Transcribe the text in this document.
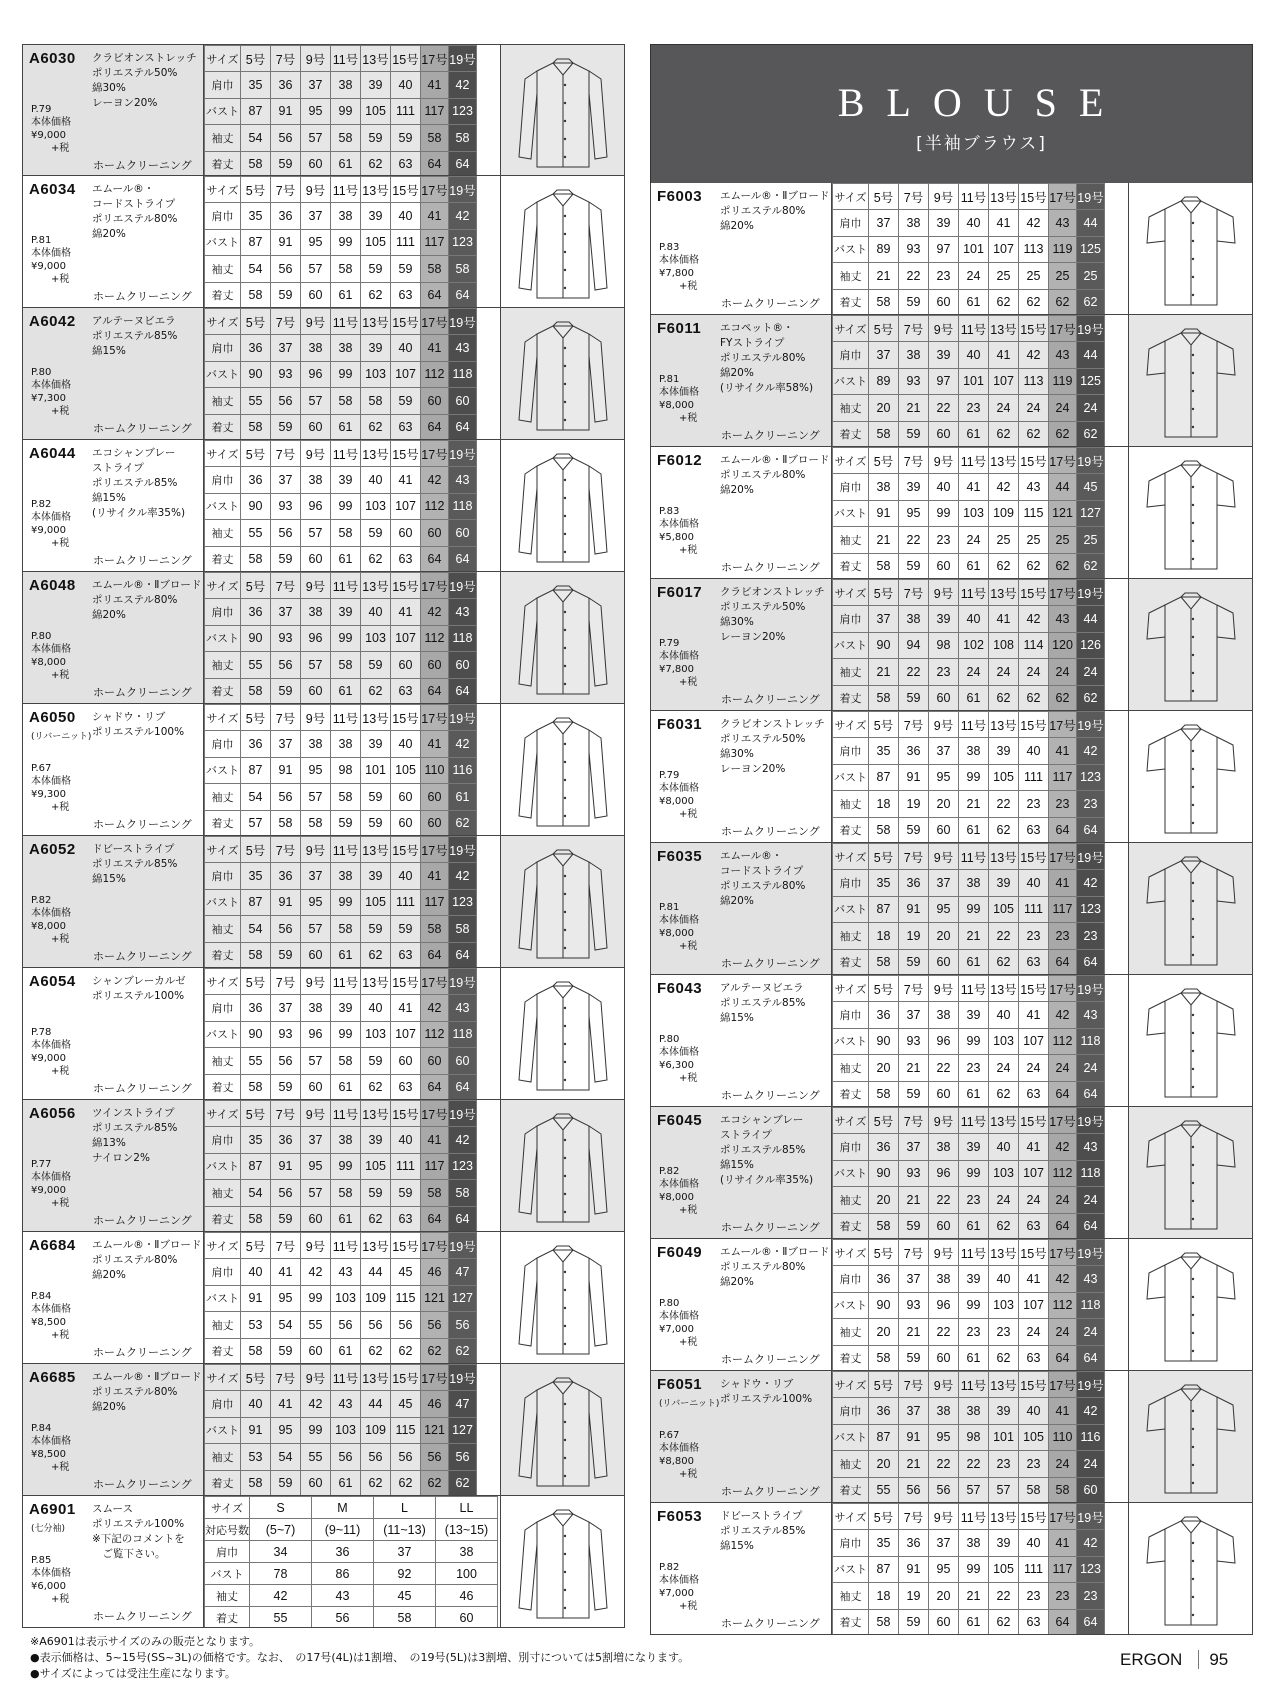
A6030 クラビオンストレッチ
ポリエステル50%
綿30%
レーヨン20%
P.79
本体価格
¥9,000
　　+税
ホームクリーニング
サイズ	5号	7号	9号	11号	13号	15号	17号	19号
肩巾	35	36	37	38	39	40	41	42
バスト	87	91	95	99	105	111	117	123
袖丈	54	56	57	58	59	59	58	58
着丈	58	59	60	61	62	63	64	64
A6034 エムール®・
コードストライプ
ポリエステル80%
綿20%
P.81
本体価格
¥9,000
　　+税
ホームクリーニング
サイズ	5号	7号	9号	11号	13号	15号	17号	19号
肩巾	35	36	37	38	39	40	41	42
バスト	87	91	95	99	105	111	117	123
袖丈	54	56	57	58	59	59	58	58
着丈	58	59	60	61	62	63	64	64
A6042 アルテーヌビエラ
ポリエステル85%
綿15%
P.80
本体価格
¥7,300
　　+税
ホームクリーニング
サイズ	5号	7号	9号	11号	13号	15号	17号	19号
肩巾	36	37	38	38	39	40	41	43
バスト	90	93	96	99	103	107	112	118
袖丈	55	56	57	58	58	59	60	60
着丈	58	59	60	61	62	63	64	64
A6044 エコシャンブレー
ストライプ
ポリエステル85%
綿15%
(リサイクル率35%)
P.82
本体価格
¥9,000
　　+税
ホームクリーニング
サイズ	5号	7号	9号	11号	13号	15号	17号	19号
肩巾	36	37	38	39	40	41	42	43
バスト	90	93	96	99	103	107	112	118
袖丈	55	56	57	58	59	60	60	60
着丈	58	59	60	61	62	63	64	64
A6048 エムール®・Ⅱブロード
ポリエステル80%
綿20%
P.80
本体価格
¥8,000
　　+税
ホームクリーニング
サイズ	5号	7号	9号	11号	13号	15号	17号	19号
肩巾	36	37	38	39	40	41	42	43
バスト	90	93	96	99	103	107	112	118
袖丈	55	56	57	58	59	60	60	60
着丈	58	59	60	61	62	63	64	64
A6050
(リバーニット)
シャドウ・リブ
ポリエステル100%
P.67
本体価格
¥9,300
　　+税
ホームクリーニング
サイズ	5号	7号	9号	11号	13号	15号	17号	19号
肩巾	36	37	38	38	39	40	41	42
バスト	87	91	95	98	101	105	110	116
袖丈	54	56	57	58	59	60	60	61
着丈	57	58	58	59	59	60	60	62
A6052 ドビーストライプ
ポリエステル85%
綿15%
P.82
本体価格
¥8,000
　　+税
ホームクリーニング
サイズ	5号	7号	9号	11号	13号	15号	17号	19号
肩巾	35	36	37	38	39	40	41	42
バスト	87	91	95	99	105	111	117	123
袖丈	54	56	57	58	59	59	58	58
着丈	58	59	60	61	62	63	64	64
A6054 シャンブレーカルゼ
ポリエステル100%
P.78
本体価格
¥9,000
　　+税
ホームクリーニング
サイズ	5号	7号	9号	11号	13号	15号	17号	19号
肩巾	36	37	38	39	40	41	42	43
バスト	90	93	96	99	103	107	112	118
袖丈	55	56	57	58	59	60	60	60
着丈	58	59	60	61	62	63	64	64
A6056 ツインストライプ
ポリエステル85%
綿13%
ナイロン2%
P.77
本体価格
¥9,000
　　+税
ホームクリーニング
サイズ	5号	7号	9号	11号	13号	15号	17号	19号
肩巾	35	36	37	38	39	40	41	42
バスト	87	91	95	99	105	111	117	123
袖丈	54	56	57	58	59	59	58	58
着丈	58	59	60	61	62	63	64	64
A6684 エムール®・Ⅱブロード
ポリエステル80%
綿20%
P.84
本体価格
¥8,500
　　+税
ホームクリーニング
サイズ	5号	7号	9号	11号	13号	15号	17号	19号
肩巾	40	41	42	43	44	45	46	47
バスト	91	95	99	103	109	115	121	127
袖丈	53	54	55	56	56	56	56	56
着丈	58	59	60	61	62	62	62	62
A6685 エムール®・Ⅱブロード
ポリエステル80%
綿20%
P.84
本体価格
¥8,500
　　+税
ホームクリーニング
サイズ	5号	7号	9号	11号	13号	15号	17号	19号
肩巾	40	41	42	43	44	45	46	47
バスト	91	95	99	103	109	115	121	127
袖丈	53	54	55	56	56	56	56	56
着丈	58	59	60	61	62	62	62	62
A6901
(七分袖)
スムース
ポリエステル100%
※下記のコメントを
　ご覧下さい。
P.85
本体価格
¥6,000
　　+税
ホームクリーニング
サイズ	S	M	L	LL
対応号数	(5~7)	(9~11)	(11~13)	(13~15)
肩巾	34	36	37	38
バスト	78	86	92	100
袖丈	42	43	45	46
着丈	55	56	58	60
BLOUSE
[半袖ブラウス]
F6003 エムール®・Ⅱブロード
ポリエステル80%
綿20%
P.83
本体価格
¥7,800
　　+税
ホームクリーニング
サイズ	5号	7号	9号	11号	13号	15号	17号	19号
肩巾	37	38	39	40	41	42	43	44
バスト	89	93	97	101	107	113	119	125
袖丈	21	22	23	24	25	25	25	25
着丈	58	59	60	61	62	62	62	62
F6011 エコペット®・
FYストライプ
ポリエステル80%
綿20%
(リサイクル率58%)
P.81
本体価格
¥8,000
　　+税
ホームクリーニング
サイズ	5号	7号	9号	11号	13号	15号	17号	19号
肩巾	37	38	39	40	41	42	43	44
バスト	89	93	97	101	107	113	119	125
袖丈	20	21	22	23	24	24	24	24
着丈	58	59	60	61	62	62	62	62
F6012 エムール®・Ⅱブロード
ポリエステル80%
綿20%
P.83
本体価格
¥5,800
　　+税
ホームクリーニング
サイズ	5号	7号	9号	11号	13号	15号	17号	19号
肩巾	38	39	40	41	42	43	44	45
バスト	91	95	99	103	109	115	121	127
袖丈	21	22	23	24	25	25	25	25
着丈	58	59	60	61	62	62	62	62
F6017 クラビオンストレッチ
ポリエステル50%
綿30%
レーヨン20%
P.79
本体価格
¥7,800
　　+税
ホームクリーニング
サイズ	5号	7号	9号	11号	13号	15号	17号	19号
肩巾	37	38	39	40	41	42	43	44
バスト	90	94	98	102	108	114	120	126
袖丈	21	22	23	24	24	24	24	24
着丈	58	59	60	61	62	62	62	62
F6031 クラビオンストレッチ
ポリエステル50%
綿30%
レーヨン20%
P.79
本体価格
¥8,000
　　+税
ホームクリーニング
サイズ	5号	7号	9号	11号	13号	15号	17号	19号
肩巾	35	36	37	38	39	40	41	42
バスト	87	91	95	99	105	111	117	123
袖丈	18	19	20	21	22	23	23	23
着丈	58	59	60	61	62	63	64	64
F6035 エムール®・
コードストライプ
ポリエステル80%
綿20%
P.81
本体価格
¥8,000
　　+税
ホームクリーニング
サイズ	5号	7号	9号	11号	13号	15号	17号	19号
肩巾	35	36	37	38	39	40	41	42
バスト	87	91	95	99	105	111	117	123
袖丈	18	19	20	21	22	23	23	23
着丈	58	59	60	61	62	63	64	64
F6043 アルテーヌビエラ
ポリエステル85%
綿15%
P.80
本体価格
¥6,300
　　+税
ホームクリーニング
サイズ	5号	7号	9号	11号	13号	15号	17号	19号
肩巾	36	37	38	39	40	41	42	43
バスト	90	93	96	99	103	107	112	118
袖丈	20	21	22	23	24	24	24	24
着丈	58	59	60	61	62	63	64	64
F6045 エコシャンブレー
ストライプ
ポリエステル85%
綿15%
(リサイクル率35%)
P.82
本体価格
¥8,000
　　+税
ホームクリーニング
サイズ	5号	7号	9号	11号	13号	15号	17号	19号
肩巾	36	37	38	39	40	41	42	43
バスト	90	93	96	99	103	107	112	118
袖丈	20	21	22	23	24	24	24	24
着丈	58	59	60	61	62	63	64	64
F6049 エムール®・Ⅱブロード
ポリエステル80%
綿20%
P.80
本体価格
¥7,000
　　+税
ホームクリーニング
サイズ	5号	7号	9号	11号	13号	15号	17号	19号
肩巾	36	37	38	39	40	41	42	43
バスト	90	93	96	99	103	107	112	118
袖丈	20	21	22	23	23	24	24	24
着丈	58	59	60	61	62	63	64	64
F6051
(リバーニット)
シャドウ・リブ
ポリエステル100%
P.67
本体価格
¥8,800
　　+税
ホームクリーニング
サイズ	5号	7号	9号	11号	13号	15号	17号	19号
肩巾	36	37	38	38	39	40	41	42
バスト	87	91	95	98	101	105	110	116
袖丈	20	21	22	22	23	23	24	24
着丈	55	56	56	57	57	58	58	60
F6053 ドビーストライプ
ポリエステル85%
綿15%
P.82
本体価格
¥7,000
　　+税
ホームクリーニング
サイズ	5号	7号	9号	11号	13号	15号	17号	19号
肩巾	35	36	37	38	39	40	41	42
バスト	87	91	95	99	105	111	117	123
袖丈	18	19	20	21	22	23	23	23
着丈	58	59	60	61	62	63	64	64
※A6901は表示サイズのみの販売となります。
●表示価格は、5~15号(SS~3L)の価格です。なお、　の17号(4L)は1割増、　の19号(5L)は3割増、別寸については5割増になります。
●サイズによっては受注生産になります。
ERGON 95
